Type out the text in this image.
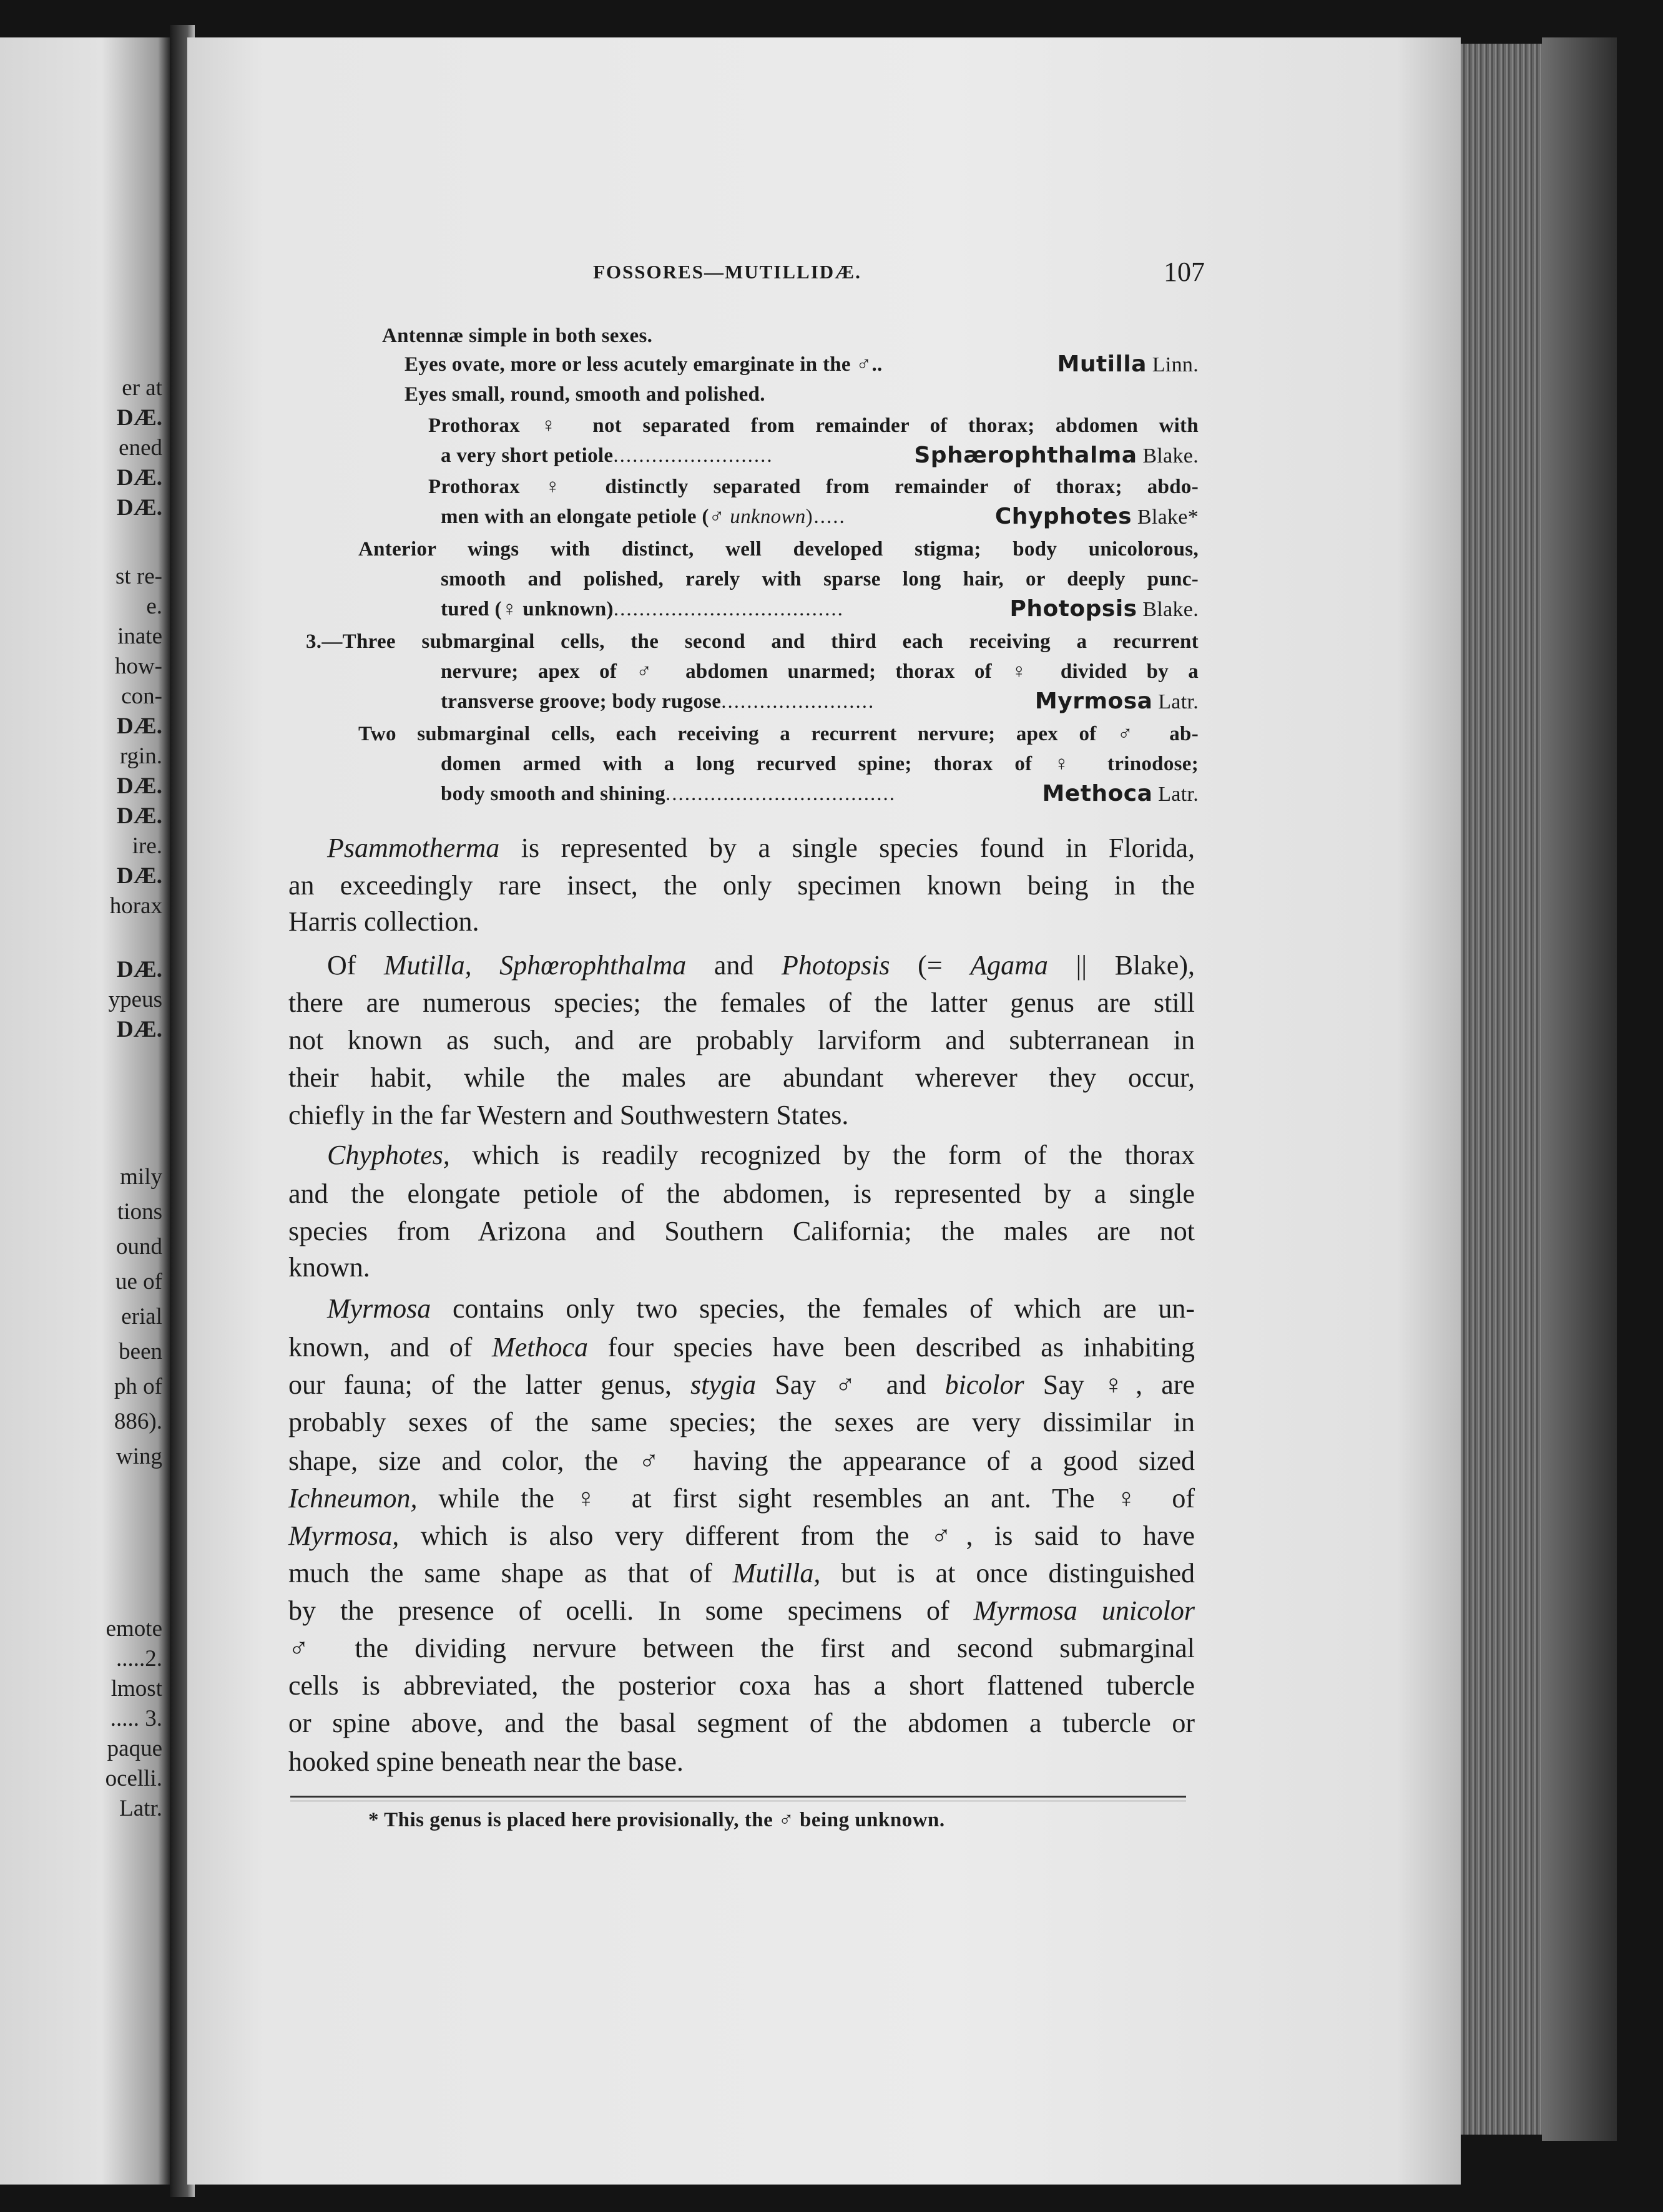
er at
DÆ.
ened
DÆ.
DÆ.
st re-
e.
inate
how-
con-
DÆ.
rgin.
DÆ.
DÆ.
ire.
DÆ.
horax
DÆ.
ypeus
DÆ.
mily
tions
ound
ue of
erial
been
ph of
886).
wing
emote
.....2.
lmost
..... 3.
paque
ocelli.
Latr.
FOSSORES—MUTILLIDÆ.	107
Antennæ simple in both sexes.
Eyes ovate, more or less acutely emarginate in the ♂..	Mutilla Linn.
Eyes small, round, smooth and polished.
Prothorax ♀ not separated from remainder of thorax; abdomen with
a very short petiole.........................	Sphærophthalma Blake.
Prothorax ♀ distinctly separated from remainder of thorax; abdo-
men with an elongate petiole (♂ unknown).....	Chyphotes Blake*
Anterior wings with distinct, well developed stigma; body unicolorous,
smooth and polished, rarely with sparse long hair, or deeply punc-
tured (♀ unknown)....................................	Photopsis Blake.
3.—Three submarginal cells, the second and third each receiving a recurrent
nervure; apex of ♂ abdomen unarmed; thorax of ♀ divided by a
transverse groove; body rugose........................	Myrmosa Latr.
Two submarginal cells, each receiving a recurrent nervure; apex of ♂ ab-
domen armed with a long recurved spine; thorax of ♀ trinodose;
body smooth and shining....................................	Methoca Latr.
Psammotherma is represented by a single species found in Florida,
an exceedingly rare insect, the only specimen known being in the
Harris collection.
Of Mutilla, Sphœrophthalma and Photopsis (= Agama || Blake),
there are numerous species; the females of the latter genus are still
not known as such, and are probably larviform and subterranean in
their habit, while the males are abundant wherever they occur,
chiefly in the far Western and Southwestern States.
Chyphotes, which is readily recognized by the form of the thorax
and the elongate petiole of the abdomen, is represented by a single
species from Arizona and Southern California; the males are not
known.
Myrmosa contains only two species, the females of which are un-
known, and of Methoca four species have been described as inhabiting
our fauna; of the latter genus, stygia Say ♂ and bicolor Say ♀, are
probably sexes of the same species; the sexes are very dissimilar in
shape, size and color, the ♂ having the appearance of a good sized
Ichneumon, while the ♀ at first sight resembles an ant. The ♀ of
Myrmosa, which is also very different from the ♂, is said to have
much the same shape as that of Mutilla, but is at once distinguished
by the presence of ocelli. In some specimens of Myrmosa unicolor
♂ the dividing nervure between the first and second submarginal
cells is abbreviated, the posterior coxa has a short flattened tubercle
or spine above, and the basal segment of the abdomen a tubercle or
hooked spine beneath near the base.
* This genus is placed here provisionally, the ♂ being unknown.
